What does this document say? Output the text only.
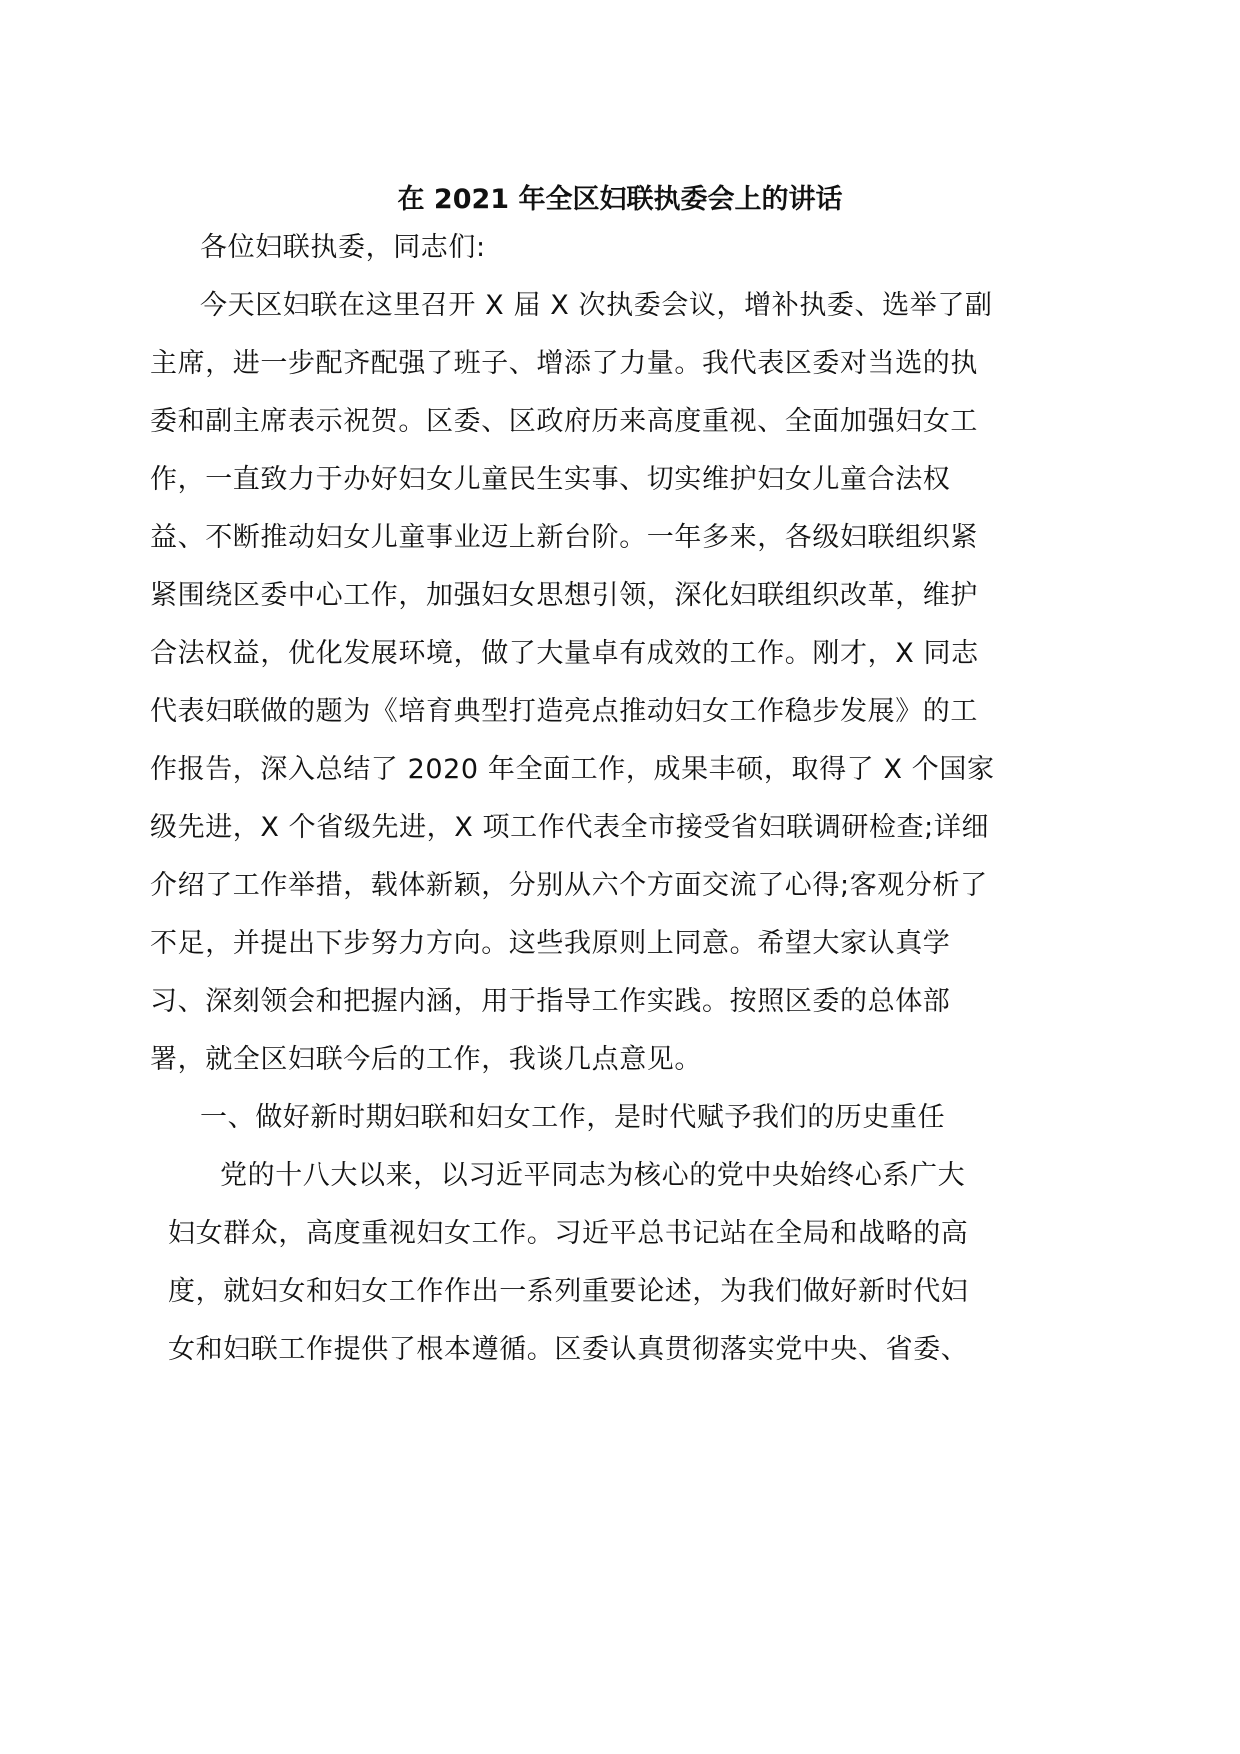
在 2021 年全区妇联执委会上的讲话
各位妇联执委，同志们:
今天区妇联在这里召开 X 届 X 次执委会议，增补执委、选举了副
主席，进一步配齐配强了班子、增添了力量。我代表区委对当选的执
委和副主席表示祝贺。区委、区政府历来高度重视、全面加强妇女工
作，一直致力于办好妇女儿童民生实事、切实维护妇女儿童合法权
益、不断推动妇女儿童事业迈上新台阶。一年多来，各级妇联组织紧
紧围绕区委中心工作，加强妇女思想引领，深化妇联组织改革，维护
合法权益，优化发展环境，做了大量卓有成效的工作。刚才，X 同志
代表妇联做的题为《培育典型打造亮点推动妇女工作稳步发展》的工
作报告，深入总结了 2020 年全面工作，成果丰硕，取得了 X 个国家
级先进，X 个省级先进，X 项工作代表全市接受省妇联调研检查;详细
介绍了工作举措，载体新颖，分别从六个方面交流了心得;客观分析了
不足，并提出下步努力方向。这些我原则上同意。希望大家认真学
习、深刻领会和把握内涵，用于指导工作实践。按照区委的总体部
署，就全区妇联今后的工作，我谈几点意见。
一、做好新时期妇联和妇女工作，是时代赋予我们的历史重任
党的十八大以来，以习近平同志为核心的党中央始终心系广大
妇女群众，高度重视妇女工作。习近平总书记站在全局和战略的高
度，就妇女和妇女工作作出一系列重要论述，为我们做好新时代妇
女和妇联工作提供了根本遵循。区委认真贯彻落实党中央、省委、
